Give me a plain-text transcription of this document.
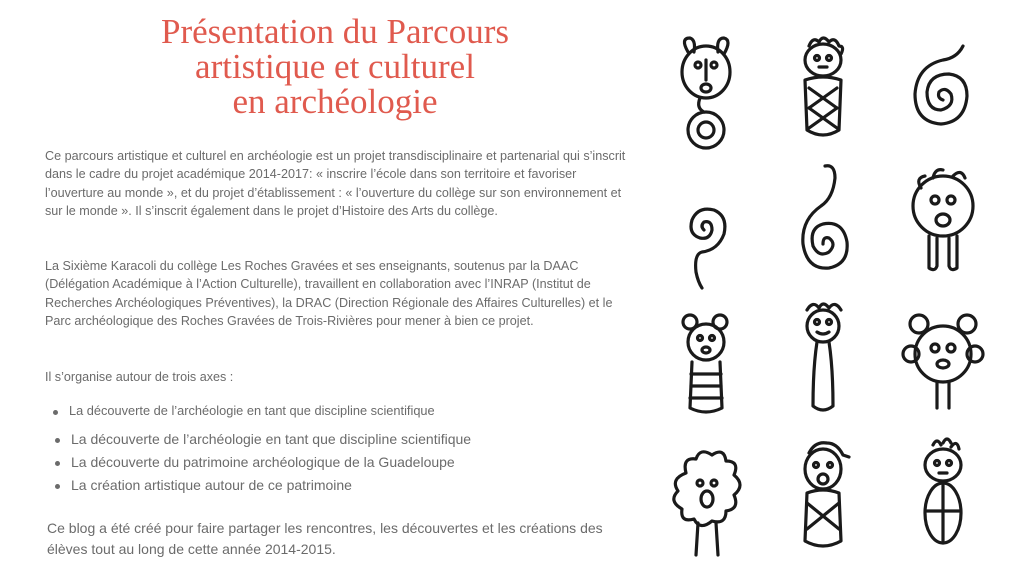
Présentation du Parcours
artistique et culturel
en archéologie

Ce parcours artistique et culturel en archéologie est un projet transdisciplinaire et partenarial qui s’inscrit dans le cadre du projet académique 2014-2017: « inscrire l’école dans son territoire et favoriser l’ouverture au monde », et du projet d’établissement : « l’ouverture du collège sur son environnement et sur le monde ». Il s’inscrit également dans le projet d’Histoire des Arts du collège.

La Sixième Karacoli du collège Les Roches Gravées et ses enseignants, soutenus par la DAAC (Délégation Académique à l’Action Culturelle), travaillent en collaboration avec l’INRAP (Institut de Recherches Archéologiques Préventives), la DRAC (Direction Régionale des Affaires Culturelles) et le Parc archéologique des Roches Gravées de Trois-Rivières pour mener à bien ce projet.

Il s’organise autour de trois axes :

La découverte de l’archéologie en tant que discipline scientifique
La découverte de l’archéologie en tant que discipline scientifique
La découverte du patrimoine archéologique de la Guadeloupe
La création artistique autour de ce patrimoine

Ce blog a été créé pour faire partager les rencontres, les découvertes et les créations des élèves tout au long de cette année 2014-2015.
